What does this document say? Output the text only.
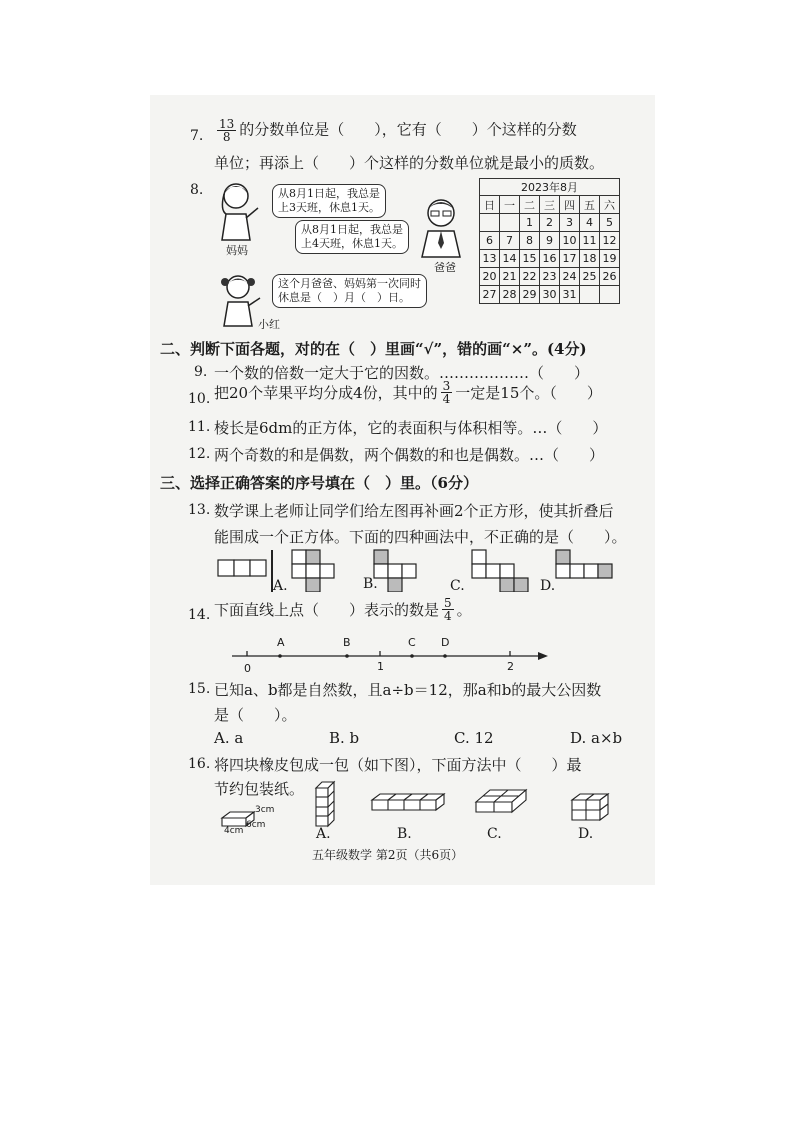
7. $\frac{13}{8}$ 的分数单位是（　　），它有（　　）个这样的分数
单位；再添上（　　）个这样的分数单位就是最小的质数。
8.
妈妈
从8月1日起，我总是
上3天班，休息1天。
爸爸
从8月1日起，我总是
上4天班，休息1天。
小红
这个月爸爸、妈妈第一次同时
休息是（　）月（　）日。
2023年8月						
日	一	二	三	四	五	六
		1	2	3	4	5
6	7	8	9	10	11	12
13	14	15	16	17	18	19
20	21	22	23	24	25	26
27	28	29	30	31		
二、判断下面各题，对的在（　）里画“√”，错的画“×”。(4分)
9. 一个数的倍数一定大于它的因数。………………（　　）
10. 把20个苹果平均分成4份，其中的 $\frac{3}{4}$ 一定是15个。（　　）
11. 棱长是6dm的正方体，它的表面积与体积相等。…（　　）
12. 两个奇数的和是偶数，两个偶数的和也是偶数。…（　　）
三、选择正确答案的序号填在（　）里。（6分）
13. 数学课上老师让同学们给左图再补画2个正方形，使其折叠后
能围成一个正方体。下面的四种画法中，不正确的是（　　）。
A.	B.	C.	D.
14. 下面直线上点（　　）表示的数是 $\frac{5}{4}$ 。
A	B	C D
0	1	2
15. 已知a、b都是自然数，且a÷b＝12，那a和b的最大公因数
是（　　）。
A. a	B. b	C. 12	D. a×b
16. 将四块橡皮包成一包（如下图），下面方法中（　　）最
节约包装纸。
3cm
6cm
4cm	A.	B.	C.	D.
五年级数学 第2页（共6页）
